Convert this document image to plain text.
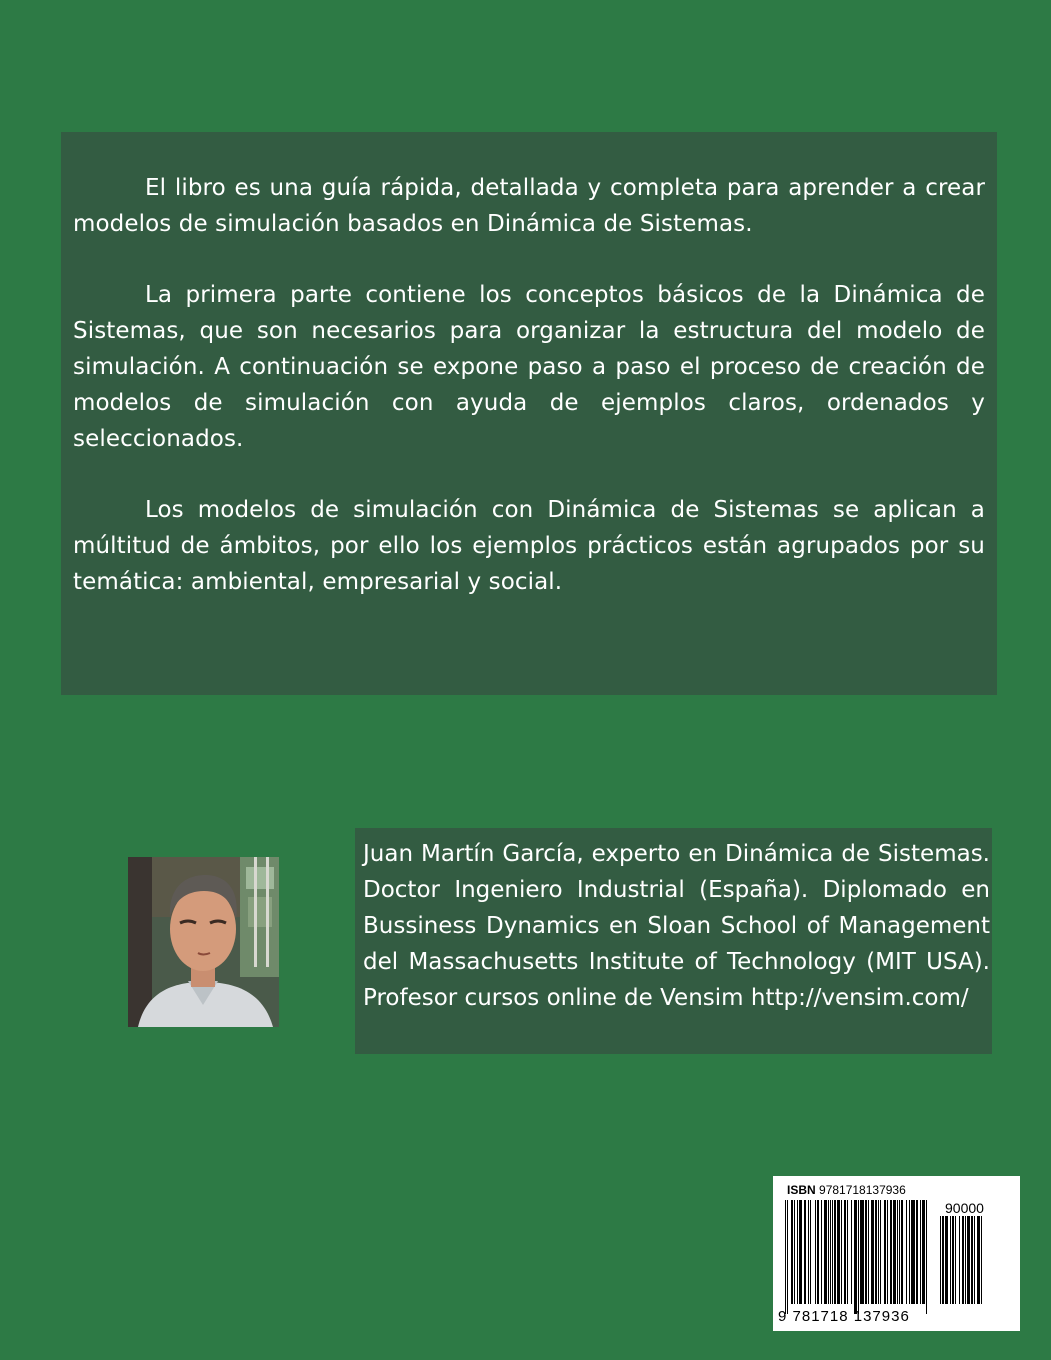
El libro es una guía rápida, detallada y completa para aprender a crear modelos de simulación basados en Dinámica de Sistemas.

La primera parte contiene los conceptos básicos de la Dinámica de Sistemas, que son necesarios para organizar la estructura del modelo de simulación. A continuación se expone paso a paso el proceso de creación de modelos de simulación con ayuda de ejemplos claros, ordenados y seleccionados.

Los modelos de simulación con Dinámica de Sistemas se aplican a múltitud de ámbitos, por ello los ejemplos prácticos están agrupados por su temática: ambiental, empresarial y social.

Juan Martín García, experto en Dinámica de Sistemas. Doctor Ingeniero Industrial (España). Diplomado en Bussiness Dynamics en Sloan School of Management del Massachusetts Institute of Technology (MIT USA). Profesor cursos online de Vensim http://vensim.com/

ISBN 9781718137936
90000
9 781718 137936
